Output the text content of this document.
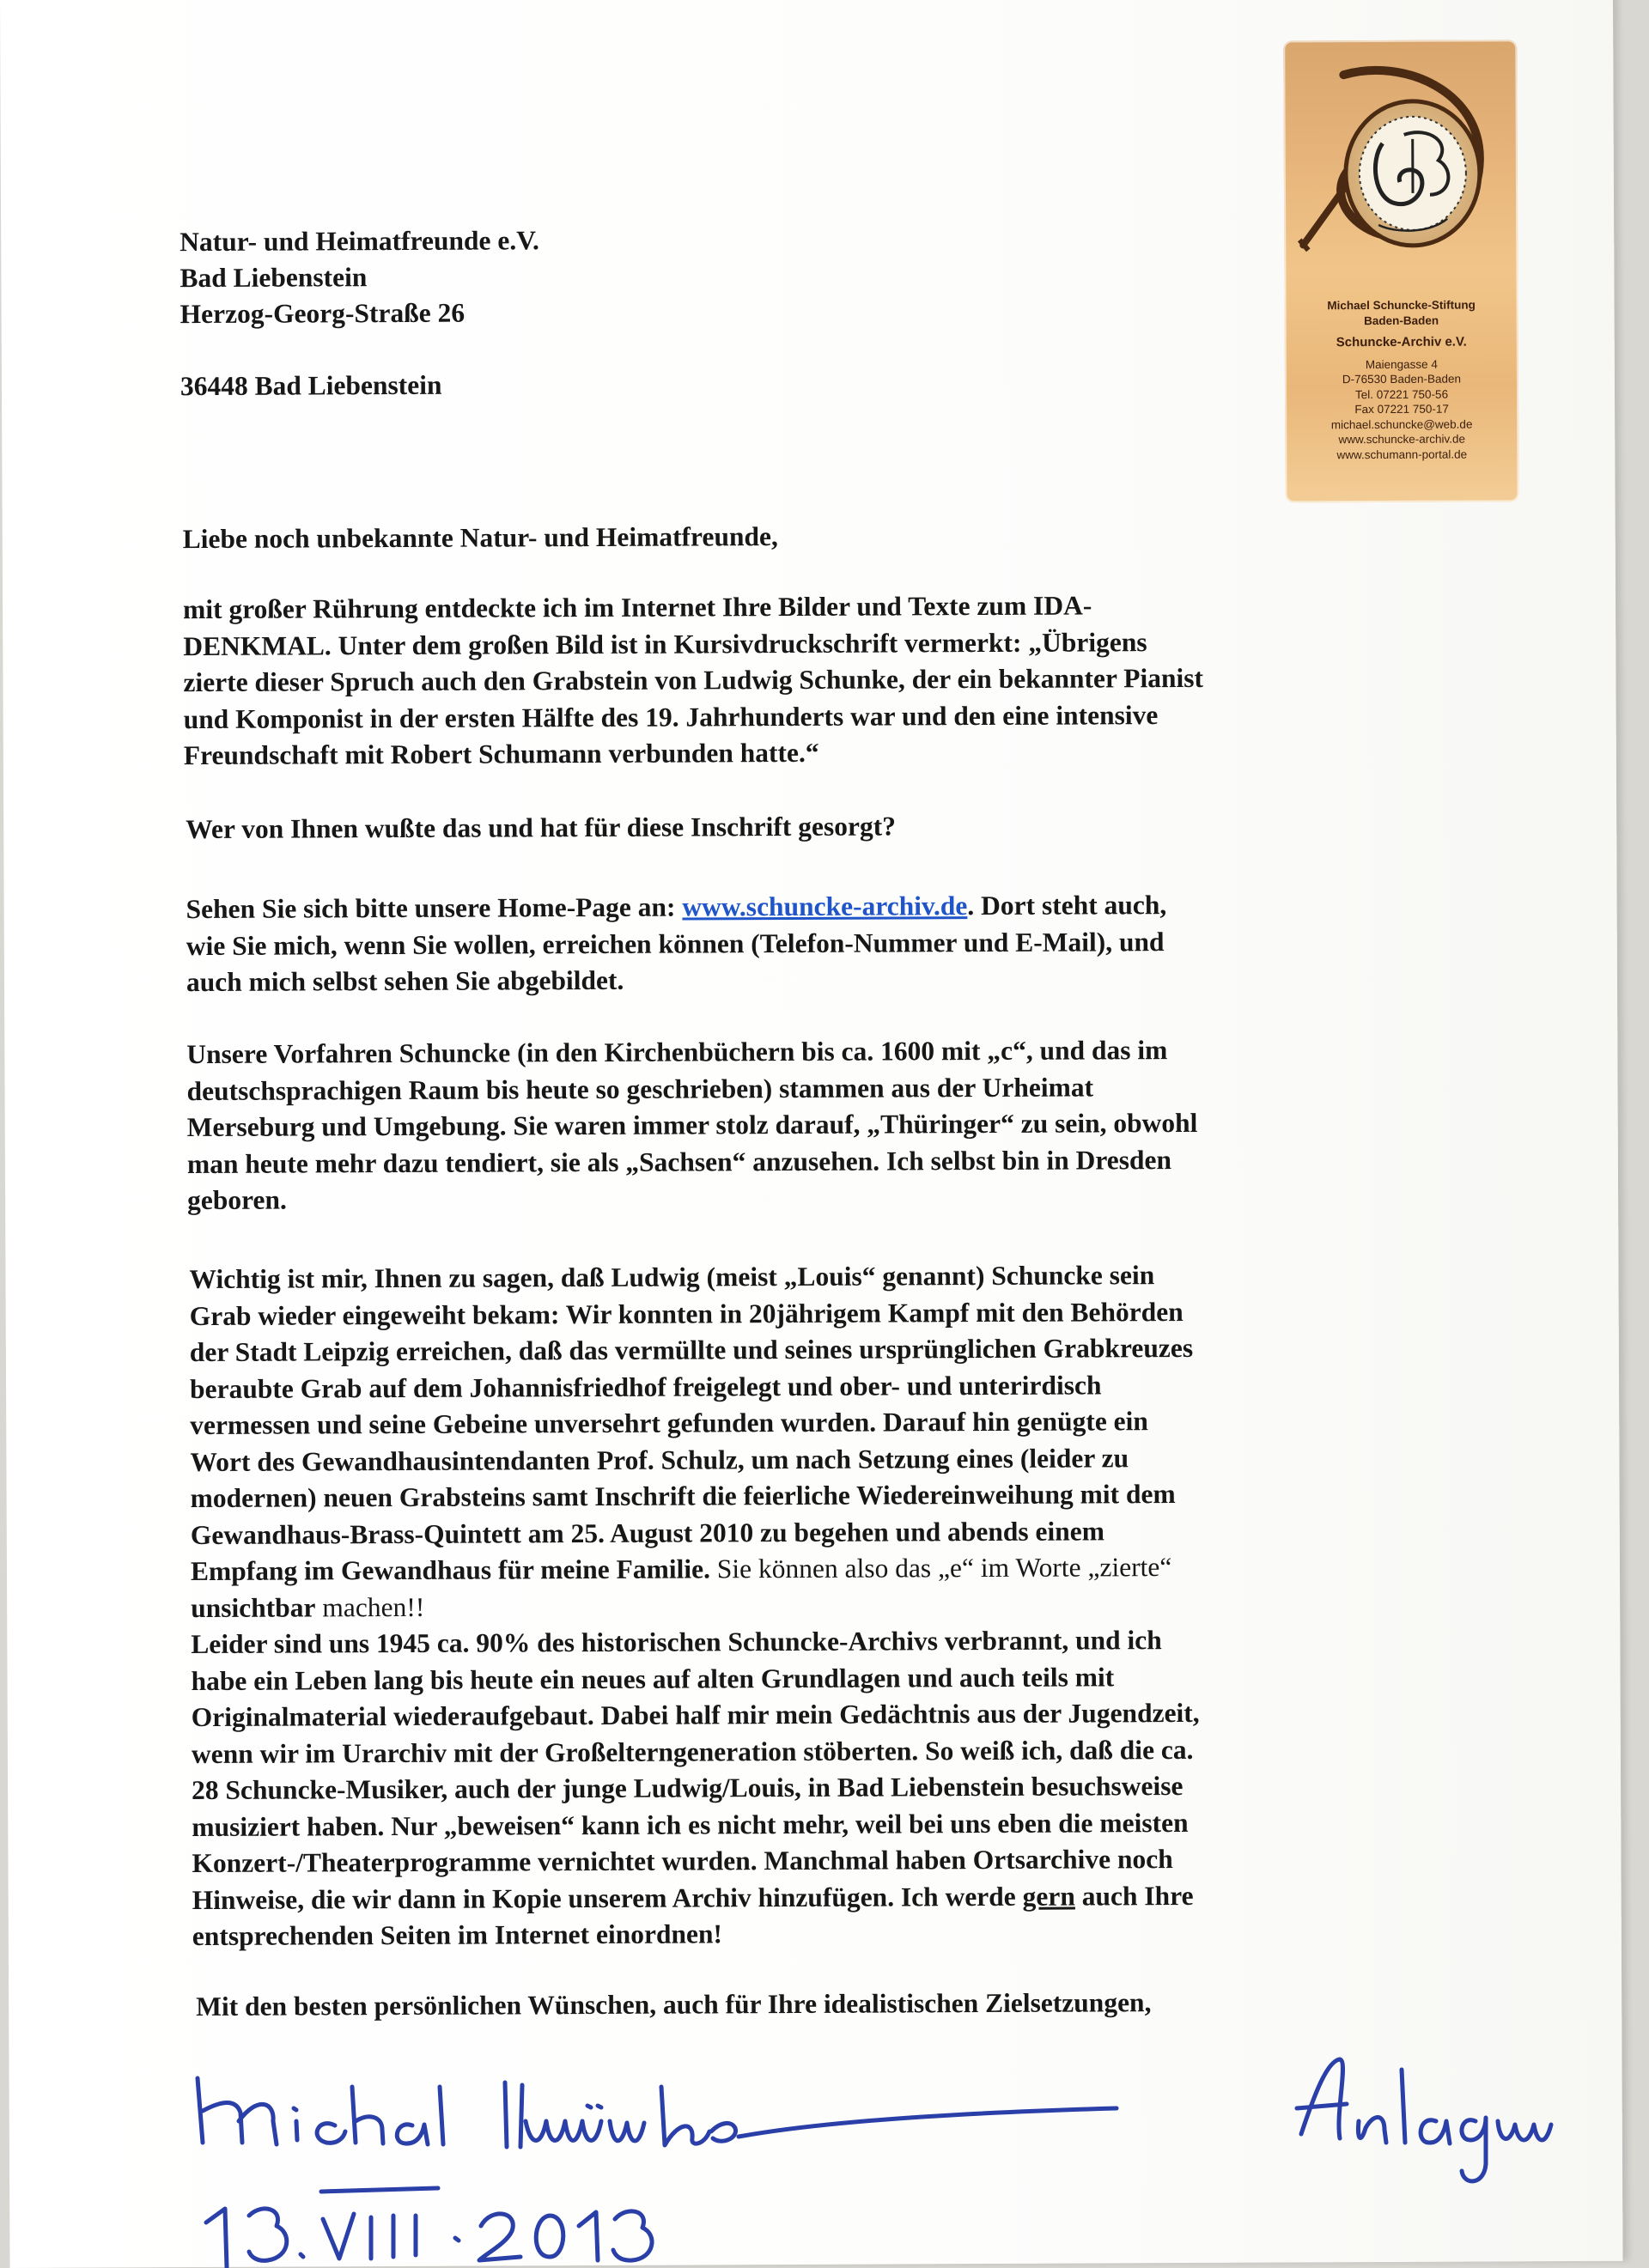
Natur- und Heimatfreunde e.V.
Bad Liebenstein
Herzog-Georg-Straße 26
36448 Bad Liebenstein
Liebe noch unbekannte Natur- und Heimatfreunde,
mit großer Rührung entdeckte ich im Internet Ihre Bilder und Texte zum IDA-
DENKMAL. Unter dem großen Bild ist in Kursivdruckschrift vermerkt: „Übrigens
zierte dieser Spruch auch den Grabstein von Ludwig Schunke, der ein bekannter Pianist
und Komponist in der ersten Hälfte des 19. Jahrhunderts war und den eine intensive
Freundschaft mit Robert Schumann verbunden hatte.“
Wer von Ihnen wußte das und hat für diese Inschrift gesorgt?
Sehen Sie sich bitte unsere Home-Page an: www.schuncke-archiv.de. Dort steht auch,
wie Sie mich, wenn Sie wollen, erreichen können (Telefon-Nummer und E-Mail), und
auch mich selbst sehen Sie abgebildet.
Unsere Vorfahren Schuncke (in den Kirchenbüchern bis ca. 1600 mit „c“, und das im
deutschsprachigen Raum bis heute so geschrieben) stammen aus der Urheimat
Merseburg und Umgebung. Sie waren immer stolz darauf, „Thüringer“ zu sein, obwohl
man heute mehr dazu tendiert, sie als „Sachsen“ anzusehen. Ich selbst bin in Dresden
geboren.
Wichtig ist mir, Ihnen zu sagen, daß Ludwig (meist „Louis“ genannt) Schuncke sein
Grab wieder eingeweiht bekam: Wir konnten in 20jährigem Kampf mit den Behörden
der Stadt Leipzig erreichen, daß das vermüllte und seines ursprünglichen Grabkreuzes
beraubte Grab auf dem Johannisfriedhof freigelegt und ober- und unterirdisch
vermessen und seine Gebeine unversehrt gefunden wurden. Darauf hin genügte ein
Wort des Gewandhausintendanten Prof. Schulz, um nach Setzung eines (leider zu
modernen) neuen Grabsteins samt Inschrift die feierliche Wiedereinweihung mit dem
Gewandhaus-Brass-Quintett am 25. August 2010 zu begehen und abends einem
Empfang im Gewandhaus für meine Familie. Sie können also das „e“ im Worte „zierte“
unsichtbar machen!!
Leider sind uns 1945 ca. 90% des historischen Schuncke-Archivs verbrannt, und ich
habe ein Leben lang bis heute ein neues auf alten Grundlagen und auch teils mit
Originalmaterial wiederaufgebaut. Dabei half mir mein Gedächtnis aus der Jugendzeit,
wenn wir im Urarchiv mit der Großelterngeneration stöberten. So weiß ich, daß die ca.
28 Schuncke-Musiker, auch der junge Ludwig/Louis, in Bad Liebenstein besuchsweise
musiziert haben. Nur „beweisen“ kann ich es nicht mehr, weil bei uns eben die meisten
Konzert-/Theaterprogramme vernichtet wurden. Manchmal haben Ortsarchive noch
Hinweise, die wir dann in Kopie unserem Archiv hinzufügen. Ich werde gern auch Ihre
entsprechenden Seiten im Internet einordnen!
Mit den besten persönlichen Wünschen, auch für Ihre idealistischen Zielsetzungen,
Michael Schuncke-Stiftung
Baden-Baden
Schuncke-Archiv e.V.
Maiengasse 4
D-76530 Baden-Baden
Tel. 07221 750-56
Fax 07221 750-17
michael.schuncke@web.de
www.schuncke-archiv.de
www.schumann-portal.de
